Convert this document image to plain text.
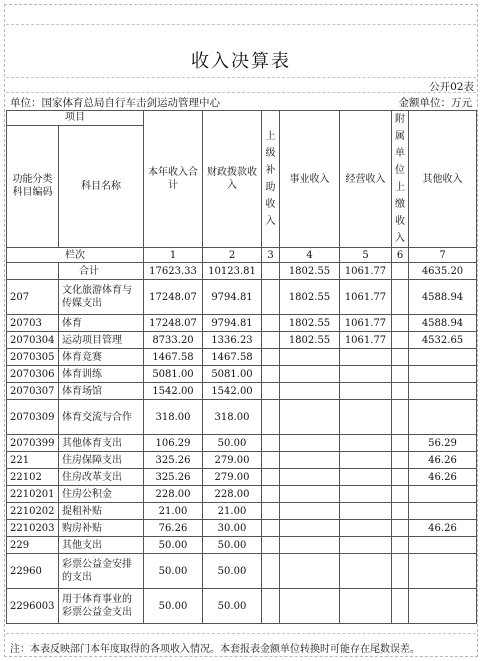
收入决算表
公开02表
单位：国家体育总局自行车击剑运动管理中心	金额单位：万元
项目		本年收入合计	财政拨款收入	上级补助收入	事业收入	经营收入	附属单位上缴收入	其他收入
功能分类科目编码	科目名称							
栏次		1	2	3	4	5	6	7
	合计	17623.33	10123.81		1802.55	1061.77		4635.20
207	文化旅游体育与传媒支出	17248.07	9794.81		1802.55	1061.77		4588.94
20703	体育	17248.07	9794.81		1802.55	1061.77		4588.94
2070304	运动项目管理	8733.20	1336.23		1802.55	1061.77		4532.65
2070305	体育竞赛	1467.58	1467.58					
2070306	体育训练	5081.00	5081.00					
2070307	体育场馆	1542.00	1542.00					
2070309	体育交流与合作	318.00	318.00					
2070399	其他体育支出	106.29	50.00					56.29
221	住房保障支出	325.26	279.00					46.26
22102	住房改革支出	325.26	279.00					46.26
2210201	住房公积金	228.00	228.00					
2210202	提租补贴	21.00	21.00					
2210203	购房补贴	76.26	30.00					46.26
229	其他支出	50.00	50.00					
22960	彩票公益金安排的支出	50.00	50.00					
2296003	用于体育事业的彩票公益金支出	50.00	50.00					
注：本表反映部门本年度取得的各项收入情况。本套报表金额单位转换时可能存在尾数误差。
